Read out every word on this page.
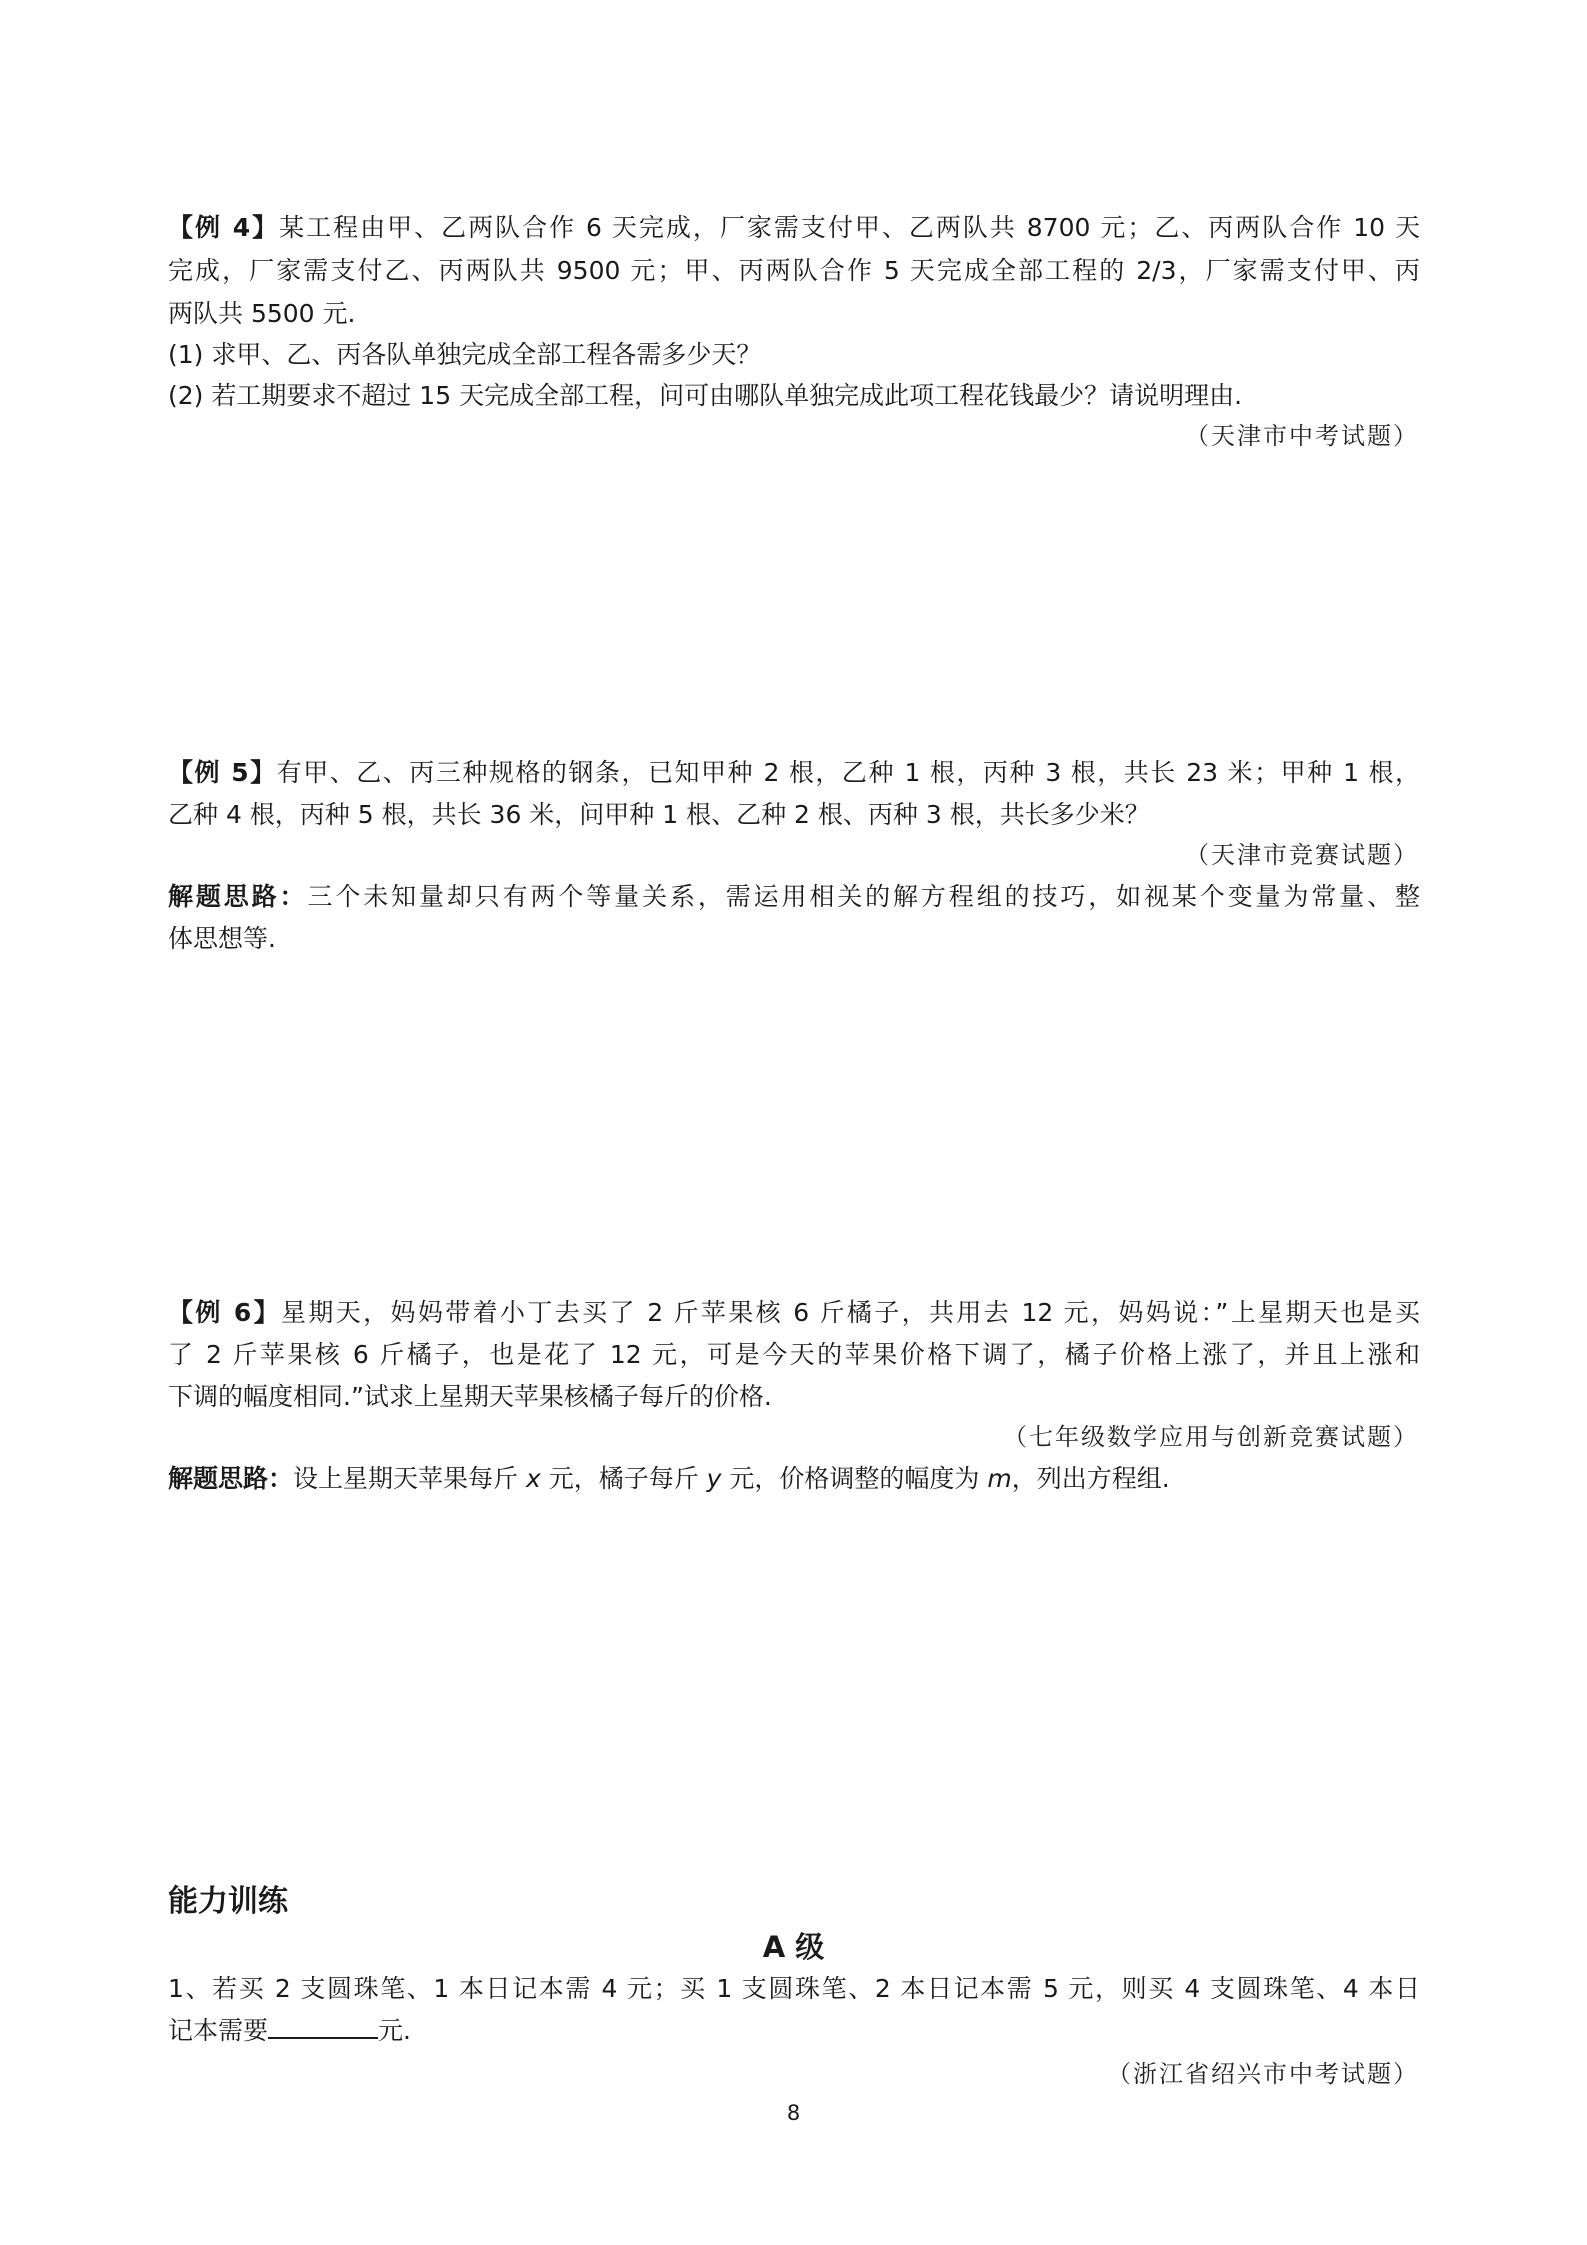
【例 4】某工程由甲、乙两队合作 6 天完成，厂家需支付甲、乙两队共 8700 元；乙、丙两队合作 10 天
完成，厂家需支付乙、丙两队共 9500 元；甲、丙两队合作 5 天完成全部工程的 2/3，厂家需支付甲、丙
两队共 5500 元.
(1) 求甲、乙、丙各队单独完成全部工程各需多少天？
(2) 若工期要求不超过 15 天完成全部工程，问可由哪队单独完成此项工程花钱最少？请说明理由.
（天津市中考试题）
【例 5】有甲、乙、丙三种规格的钢条，已知甲种 2 根，乙种 1 根，丙种 3 根，共长 23 米；甲种 1 根，
乙种 4 根，丙种 5 根，共长 36 米，问甲种 1 根、乙种 2 根、丙种 3 根，共长多少米？
（天津市竞赛试题）
解题思路：三个未知量却只有两个等量关系，需运用相关的解方程组的技巧，如视某个变量为常量、整
体思想等.
【例 6】星期天，妈妈带着小丁去买了 2 斤苹果核 6 斤橘子，共用去 12 元，妈妈说：”上星期天也是买
了 2 斤苹果核 6 斤橘子，也是花了 12 元，可是今天的苹果价格下调了，橘子价格上涨了，并且上涨和
下调的幅度相同.”试求上星期天苹果核橘子每斤的价格.
（七年级数学应用与创新竞赛试题）
解题思路：设上星期天苹果每斤 x 元，橘子每斤 y 元，价格调整的幅度为 m，列出方程组.
能力训练
A 级
1、若买 2 支圆珠笔、1 本日记本需 4 元；买 1 支圆珠笔、2 本日记本需 5 元，则买 4 支圆珠笔、4 本日
记本需要	元.
（浙江省绍兴市中考试题）
8
